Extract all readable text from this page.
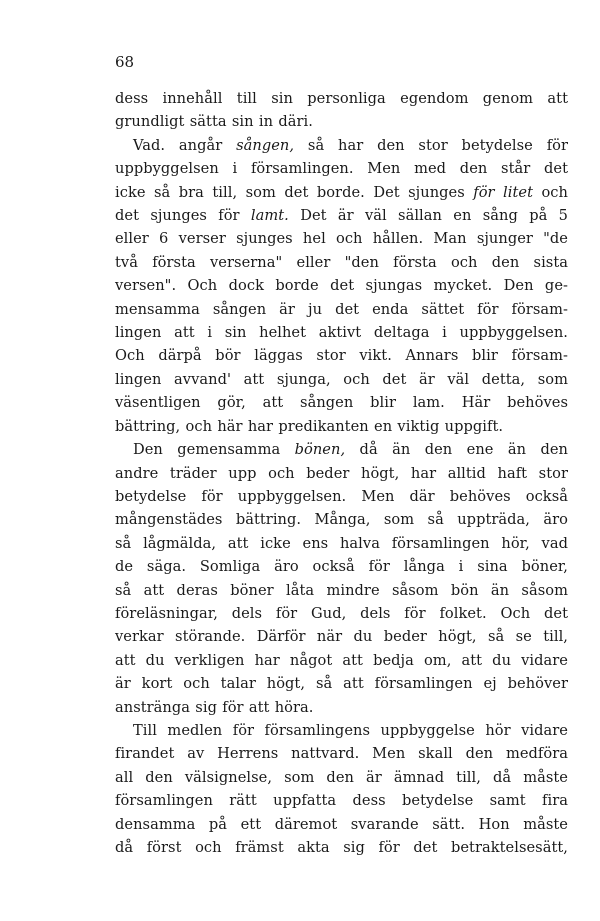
68
dess innehåll till sin personliga egendom genom att
grundligt sätta sin in däri.
Vad. angår sången, så har den stor betydelse för
uppbyggelsen i församlingen. Men med den står det
icke så bra till, som det borde. Det sjunges för litet och
det sjunges för lamt. Det är väl sällan en sång på 5
eller 6 verser sjunges hel och hållen. Man sjunger "de
två första verserna" eller "den första och den sista
versen". Och dock borde det sjungas mycket. Den ge-
mensamma sången är ju det enda sättet för försam-
lingen att i sin helhet aktivt deltaga i uppbyggelsen.
Och därpå bör läggas stor vikt. Annars blir försam-
lingen avvand' att sjunga, och det är väl detta, som
väsentligen gör, att sången blir lam. Här behöves
bättring, och här har predikanten en viktig uppgift.
Den gemensamma bönen, då än den ene än den
andre träder upp och beder högt, har alltid haft stor
betydelse för uppbyggelsen. Men där behöves också
mångenstädes bättring. Många, som så uppträda, äro
så lågmälda, att icke ens halva församlingen hör, vad
de säga. Somliga äro också för långa i sina böner,
så att deras böner låta mindre såsom bön än såsom
föreläsningar, dels för Gud, dels för folket. Och det
verkar störande. Därför när du beder högt, så se till,
att du verkligen har något att bedja om, att du vidare
är kort och talar högt, så att församlingen ej behöver
anstränga sig för att höra.
Till medlen för församlingens uppbyggelse hör vidare
firandet av Herrens nattvard. Men skall den medföra
all den välsignelse, som den är ämnad till, då måste
församlingen rätt uppfatta dess betydelse samt fira
densamma på ett däremot svarande sätt. Hon måste
då först och främst akta sig för det betraktelsesätt,
